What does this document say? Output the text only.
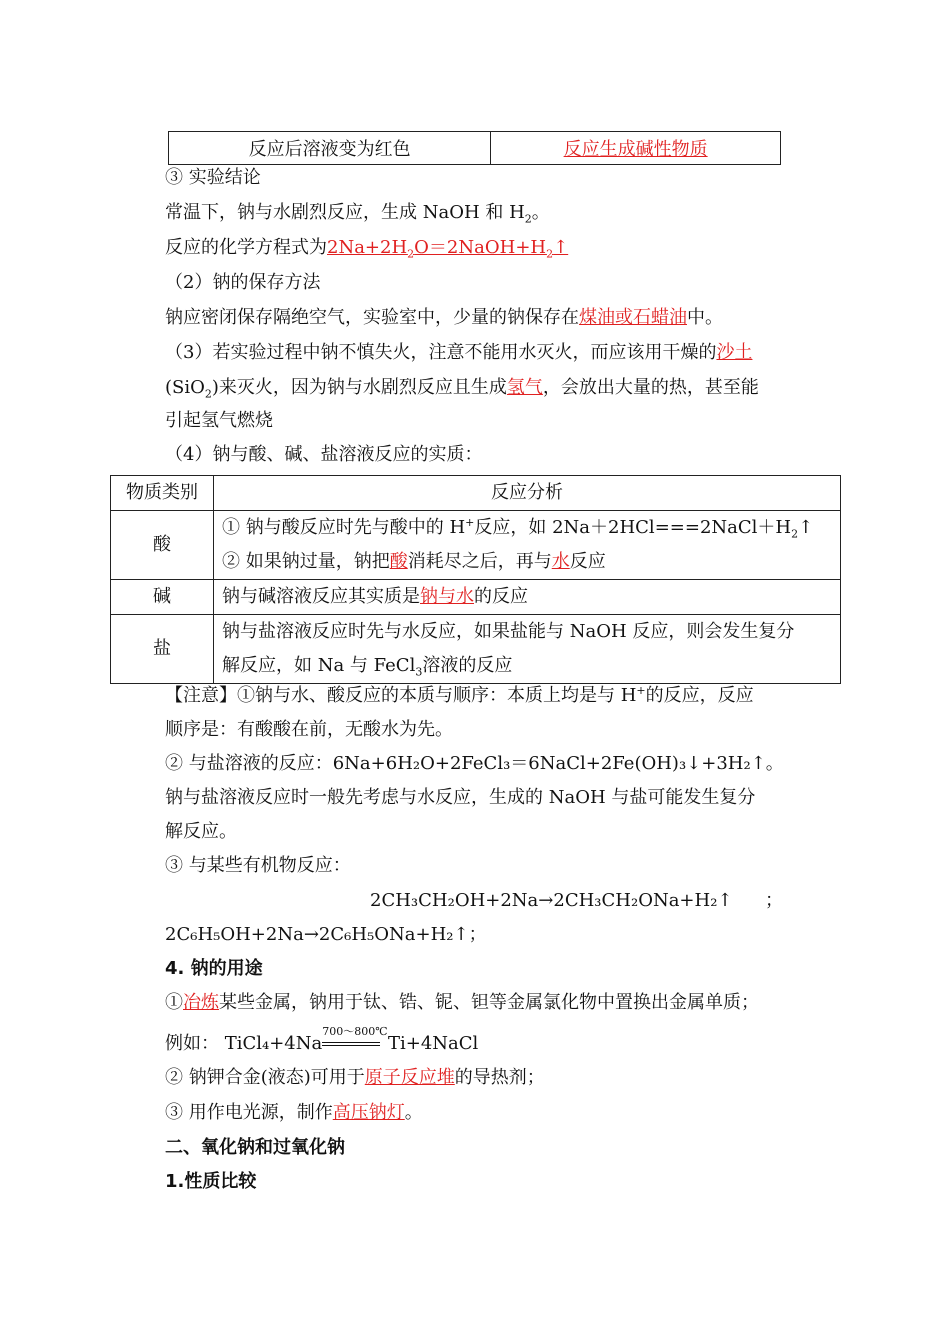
反应后溶液变为红色	反应生成碱性物质
③ 实验结论
常温下，钠与水剧烈反应，生成 NaOH 和 $H_2$。
反应的化学方程式为$2Na+2H_2O=2NaOH+H_2↑$
（2）钠的保存方法
钠应密闭保存隔绝空气，实验室中，少量的钠保存在煤油或石蜡油中。
（3）若实验过程中钠不慎失火，注意不能用水灭火，而应该用干燥的沙土
(SiO$_2$)来灭火，因为钠与水剧烈反应且生成氢气，会放出大量的热，甚至能
引起氢气燃烧
（4）钠与酸、碱、盐溶液反应的实质：
物质类别	反应分析
酸	① 钠与酸反应时先与酸中的 H+反应，如 $2Na+2HCl===2NaCl+H_2↑$
② 如果钠过量，钠把酸消耗尽之后，再与水反应

碱	钠与碱溶液反应其实质是钠与水的反应
盐	钠与盐溶液反应时先与水反应，如果盐能与 NaOH 反应，则会发生复分
解反应，如 Na 与 FeCl$_3$溶液的反应
【注意】①钠与水、酸反应的本质与顺序：本质上均是与 H+的反应，反应
顺序是：有酸酸在前，无酸水为先。
② 与盐溶液的反应：6Na+6H₂O+2FeCl₃＝6NaCl+2Fe(OH)₃↓+3H₂↑。
钠与盐溶液反应时一般先考虑与水反应，生成的 NaOH 与盐可能发生复分
解反应。
③ 与某些有机物反应：
2CH₃CH₂OH+2Na→2CH₃CH₂ONa+H₂↑ ；
2C₆H₅OH+2Na→2C₆H₅ONa+H₂↑；
4. 钠的用途
①冶炼某些金属，钠用于钛、锆、铌、钽等金属氯化物中置换出金属单质；
例如： TiCl₄+4Na
700～800℃
Ti+4NaCl
② 钠钾合金(液态)可用于原子反应堆的导热剂；
③ 用作电光源，制作高压钠灯。
二、氧化钠和过氧化钠
1.性质比较
